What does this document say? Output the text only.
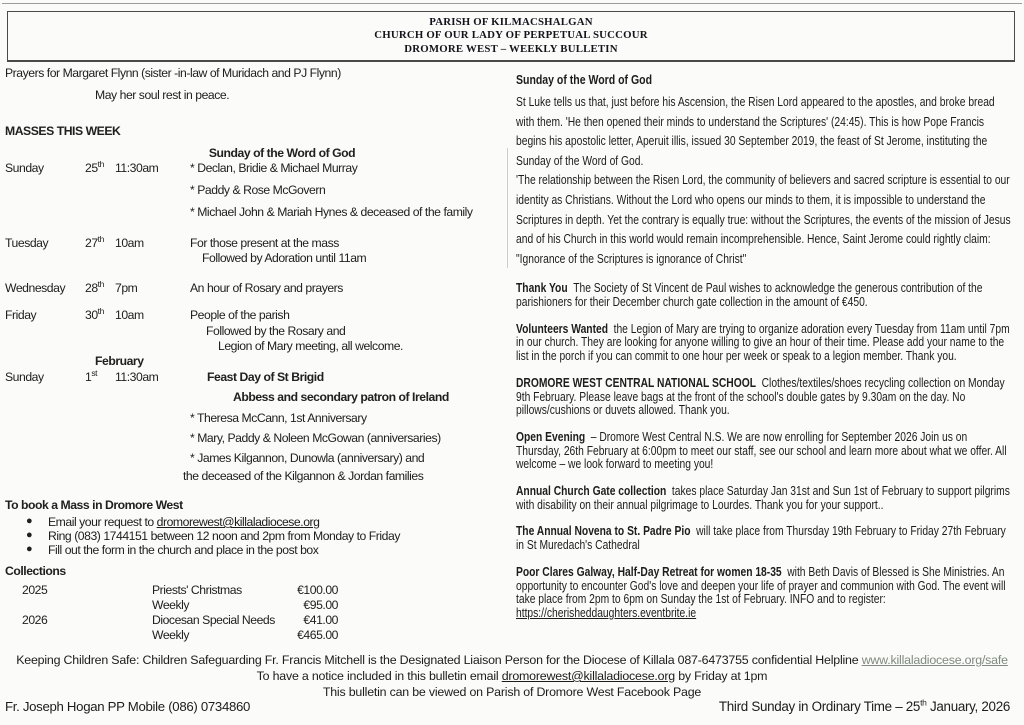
PARISH OF KILMACSHALGAN
CHURCH OF OUR LADY OF PERPETUAL SUCCOUR
DROMORE WEST – WEEKLY BULLETIN
Prayers for Margaret Flynn (sister -in-law of Muridach and PJ Flynn)
May her soul rest in peace.
MASSES THIS WEEK
Sunday of the Word of God
Sunday	25th 11:30am	* Declan, Bridie & Michael Murray
* Paddy & Rose McGovern
* Michael John & Mariah Hynes & deceased of the family
Tuesday	27th 10am	For those present at the mass
Followed by Adoration until 11am
Wednesday 28th 7pm	An hour of Rosary and prayers
Friday	30th 10am	People of the parish
Followed by the Rosary and
Legion of Mary meeting, all welcome.
February
Sunday	1st 11:30am	Feast Day of St Brigid
Abbess and secondary patron of Ireland
* Theresa McCann, 1st Anniversary
* Mary, Paddy & Noleen McGowan (anniversaries)
* James Kilgannon, Dunowla (anniversary) and
the deceased of the Kilgannon & Jordan families
To book a Mass in Dromore West
● Email your request to dromorewest@killaladiocese.org
● Ring (083) 1744151 between 12 noon and 2pm from Monday to Friday
● Fill out the form in the church and place in the post box
Collections
2025	Priests' Christmas	€100.00
Weekly	€95.00
2026	Diocesan Special Needs	€41.00
Weekly	€465.00
Sunday of the Word of God

St Luke tells us that, just before his Ascension, the Risen Lord appeared to the apostles, and broke bread with them. 'He then opened their minds to understand the Scriptures' (24:45). This is how Pope Francis begins his apostolic letter, Aperuit illis, issued 30 September 2019, the feast of St Jerome, instituting the Sunday of the Word of God.

'The relationship between the Risen Lord, the community of believers and sacred scripture is essential to our identity as Christians. Without the Lord who opens our minds to them, it is impossible to understand the Scriptures in depth. Yet the contrary is equally true: without the Scriptures, the events of the mission of Jesus and of his Church in this world would remain incomprehensible. Hence, Saint Jerome could rightly claim:

"Ignorance of the Scriptures is ignorance of Christ"

Thank You The Society of St Vincent de Paul wishes to acknowledge the generous contribution of the parishioners for their December church gate collection in the amount of €450.

Volunteers Wanted the Legion of Mary are trying to organize adoration every Tuesday from 11am until 7pm in our church. They are looking for anyone willing to give an hour of their time. Please add your name to the list in the porch if you can commit to one hour per week or speak to a legion member. Thank you.

DROMORE WEST CENTRAL NATIONAL SCHOOL Clothes/textiles/shoes recycling collection on Monday 9th February. Please leave bags at the front of the school's double gates by 9.30am on the day. No pillows/cushions or duvets allowed. Thank you.

Open Evening – Dromore West Central N.S. We are now enrolling for September 2026 Join us on Thursday, 26th February at 6:00pm to meet our staff, see our school and learn more about what we offer. All welcome – we look forward to meeting you!

Annual Church Gate collection takes place Saturday Jan 31st and Sun 1st of February to support pilgrims with disability on their annual pilgrimage to Lourdes. Thank you for your support..

The Annual Novena to St. Padre Pio will take place from Thursday 19th February to Friday 27th February in St Muredach's Cathedral

Poor Clares Galway, Half-Day Retreat for women 18-35 with Beth Davis of Blessed is She Ministries. An opportunity to encounter God's love and deepen your life of prayer and communion with God. The event will take place from 2pm to 6pm on Sunday the 1st of February. INFO and to register: https://cherisheddaughters.eventbrite.ie

Keeping Children Safe: Children Safeguarding Fr. Francis Mitchell is the Designated Liaison Person for the Diocese of Killala 087-6473755 confidential Helpline www.killaladiocese.org/safe
To have a notice included in this bulletin email dromorewest@killaladiocese.org by Friday at 1pm
This bulletin can be viewed on Parish of Dromore West Facebook Page
Fr. Joseph Hogan PP Mobile (086) 0734860	Third Sunday in Ordinary Time – 25th January, 2026
